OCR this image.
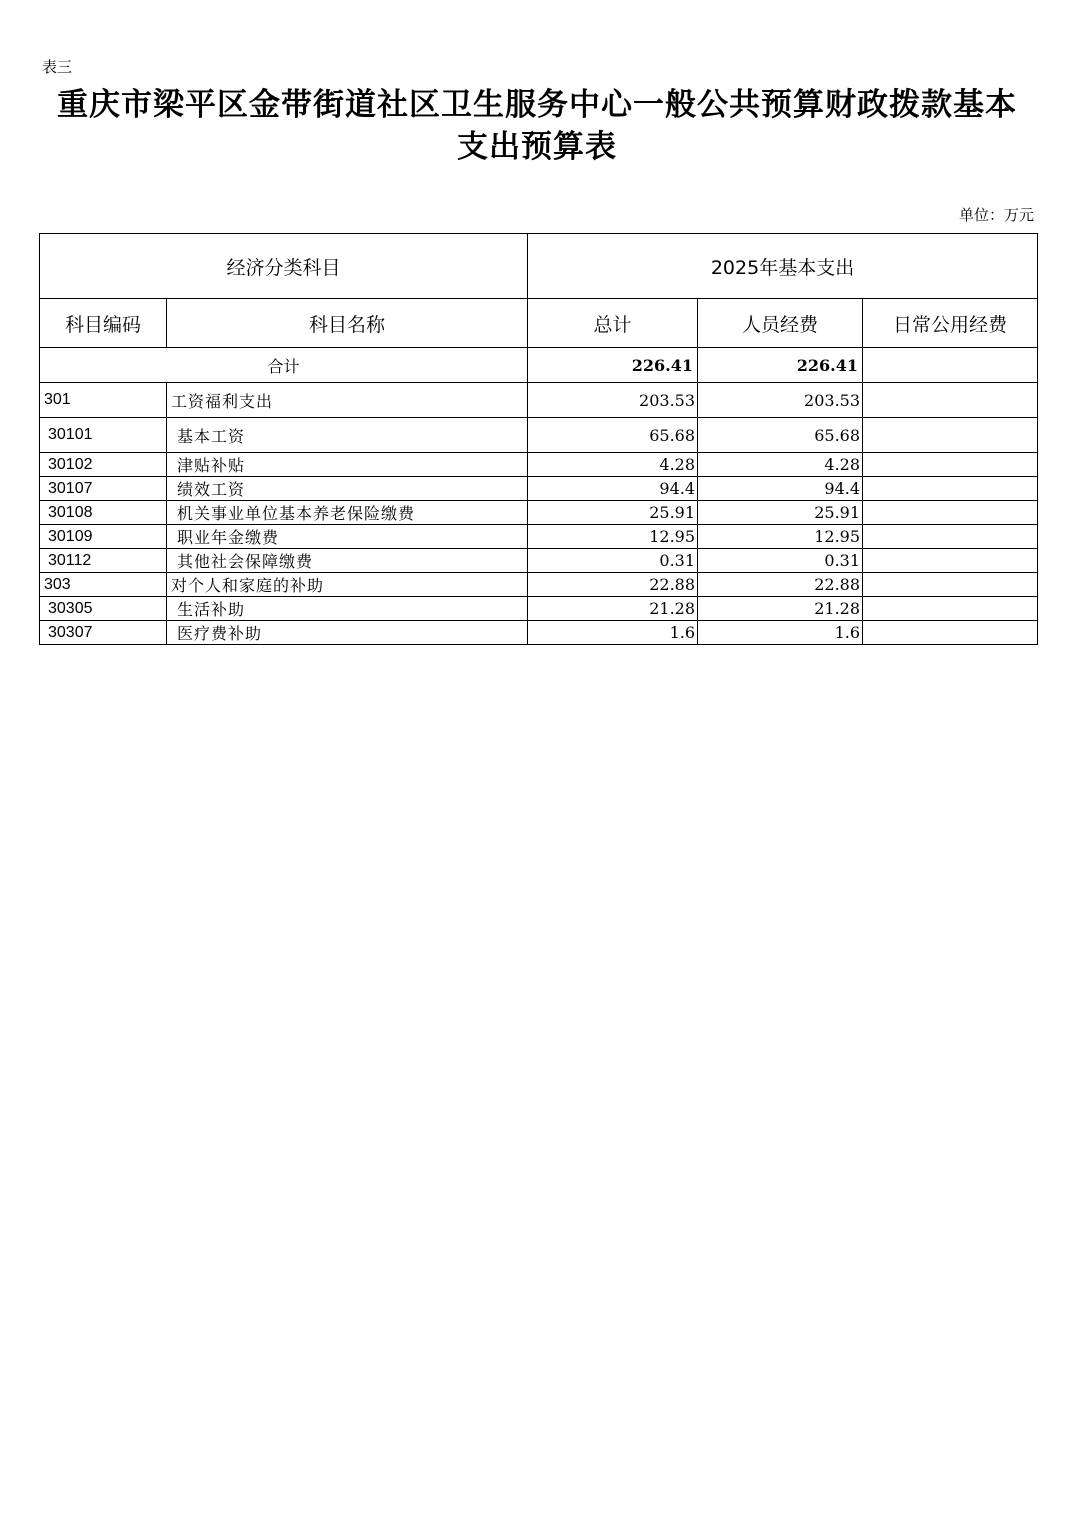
表三
重庆市梁平区金带街道社区卫生服务中心一般公共预算财政拨款基本
支出预算表
单位：万元
经济分类科目		2025年基本支出		
科目编码	科目名称	总计	人员经费	日常公用经费
合计		226.41	226.41	
301	工资福利支出	203.53	203.53	
30101	基本工资	65.68	65.68	
30102	津贴补贴	4.28	4.28	
30107	绩效工资	94.4	94.4	
30108	机关事业单位基本养老保险缴费	25.91	25.91	
30109	职业年金缴费	12.95	12.95	
30112	其他社会保障缴费	0.31	0.31	
303	对个人和家庭的补助	22.88	22.88	
30305	生活补助	21.28	21.28	
30307	医疗费补助	1.6	1.6	
